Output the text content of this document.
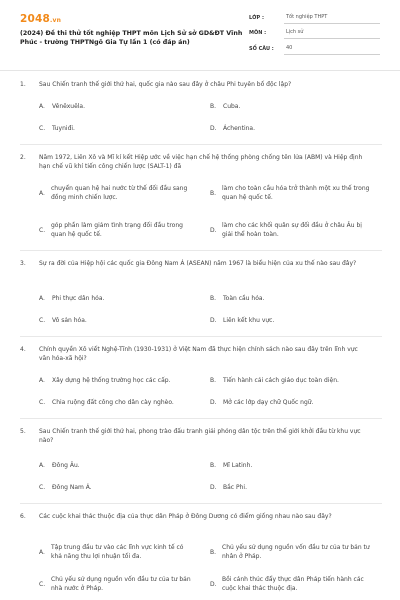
2048.vn
(2024) Đề thi thử tốt nghiệp THPT môn Lịch Sử sở GD&ĐT Vĩnh Phúc - trường THPTNgô Gia Tự lần 1 (có đáp án)
LỚP :	Tốt nghiệp THPT
MÔN :	Lịch sử
SỐ CÂU :	40
1.	Sau Chiến tranh thế giới thứ hai, quốc gia nào sau đây ở châu Phi tuyên bố độc lập?
A.	Vênêxuêla.	B.	Cuba.
C.	Tuyniđi.	D.	Áchentina.
2.	Năm 1972, Liên Xô và Mĩ kí kết Hiệp ước về việc hạn chế hệ thống phòng chống tên lửa (ABM) và Hiệp định hạn chế vũ khí tiến công chiến lược (SALT-1) đã
A.
chuyển quan hệ hai nước từ thế đối đầu sang đồng minh chiến lược.
B.
làm cho toàn cầu hóa trở thành một xu thế trong quan hệ quốc tế.
C.
góp phần làm giảm tình trạng đối đầu trong quan hệ quốc tế.
D.
làm cho các khối quân sự đối đầu ở châu Âu bị giải thể hoàn toàn.
3.	Sự ra đời của Hiệp hội các quốc gia Đông Nam Á (ASEAN) năm 1967 là biểu hiện của xu thế nào sau đây?
A.	Phi thực dân hóa.	B.	Toàn cầu hóa.
C.	Vô sản hóa.	D.	Liên kết khu vực.
4.	Chính quyền Xô viết Nghệ-Tĩnh (1930-1931) ở Việt Nam đã thực hiện chính sách nào sau đây trên lĩnh vực văn hóa-xã hội?
A.	Xây dựng hệ thống trường học các cấp.	B.	Tiến hành cải cách giáo dục toàn diện.
C.	Chia ruộng đất công cho dân cày nghèo.	D.	Mở các lớp dạy chữ Quốc ngữ.
5.	Sau Chiến tranh thế giới thứ hai, phong trào đấu tranh giải phóng dân tộc trên thế giới khởi đầu từ khu vực nào?
A.	Đông Âu.	B.	Mĩ Latinh.
C.	Đông Nam Á.	D.	Bắc Phi.
6.	Các cuộc khai thác thuộc địa của thực dân Pháp ở Đông Dương có điểm giống nhau nào sau đây?
A.
Tập trung đầu tư vào các lĩnh vực kinh tế có khả năng thu lợi nhuận tối đa.
B.
Chủ yếu sử dụng nguồn vốn đầu tư của tư bản tư nhân ở Pháp.
C.
Chủ yếu sử dụng nguồn vốn đầu tư của tư bản nhà nước ở Pháp.
D.
Bồi cánh thúc đẩy thực dân Pháp tiến hành các cuộc khai thác thuộc địa.
